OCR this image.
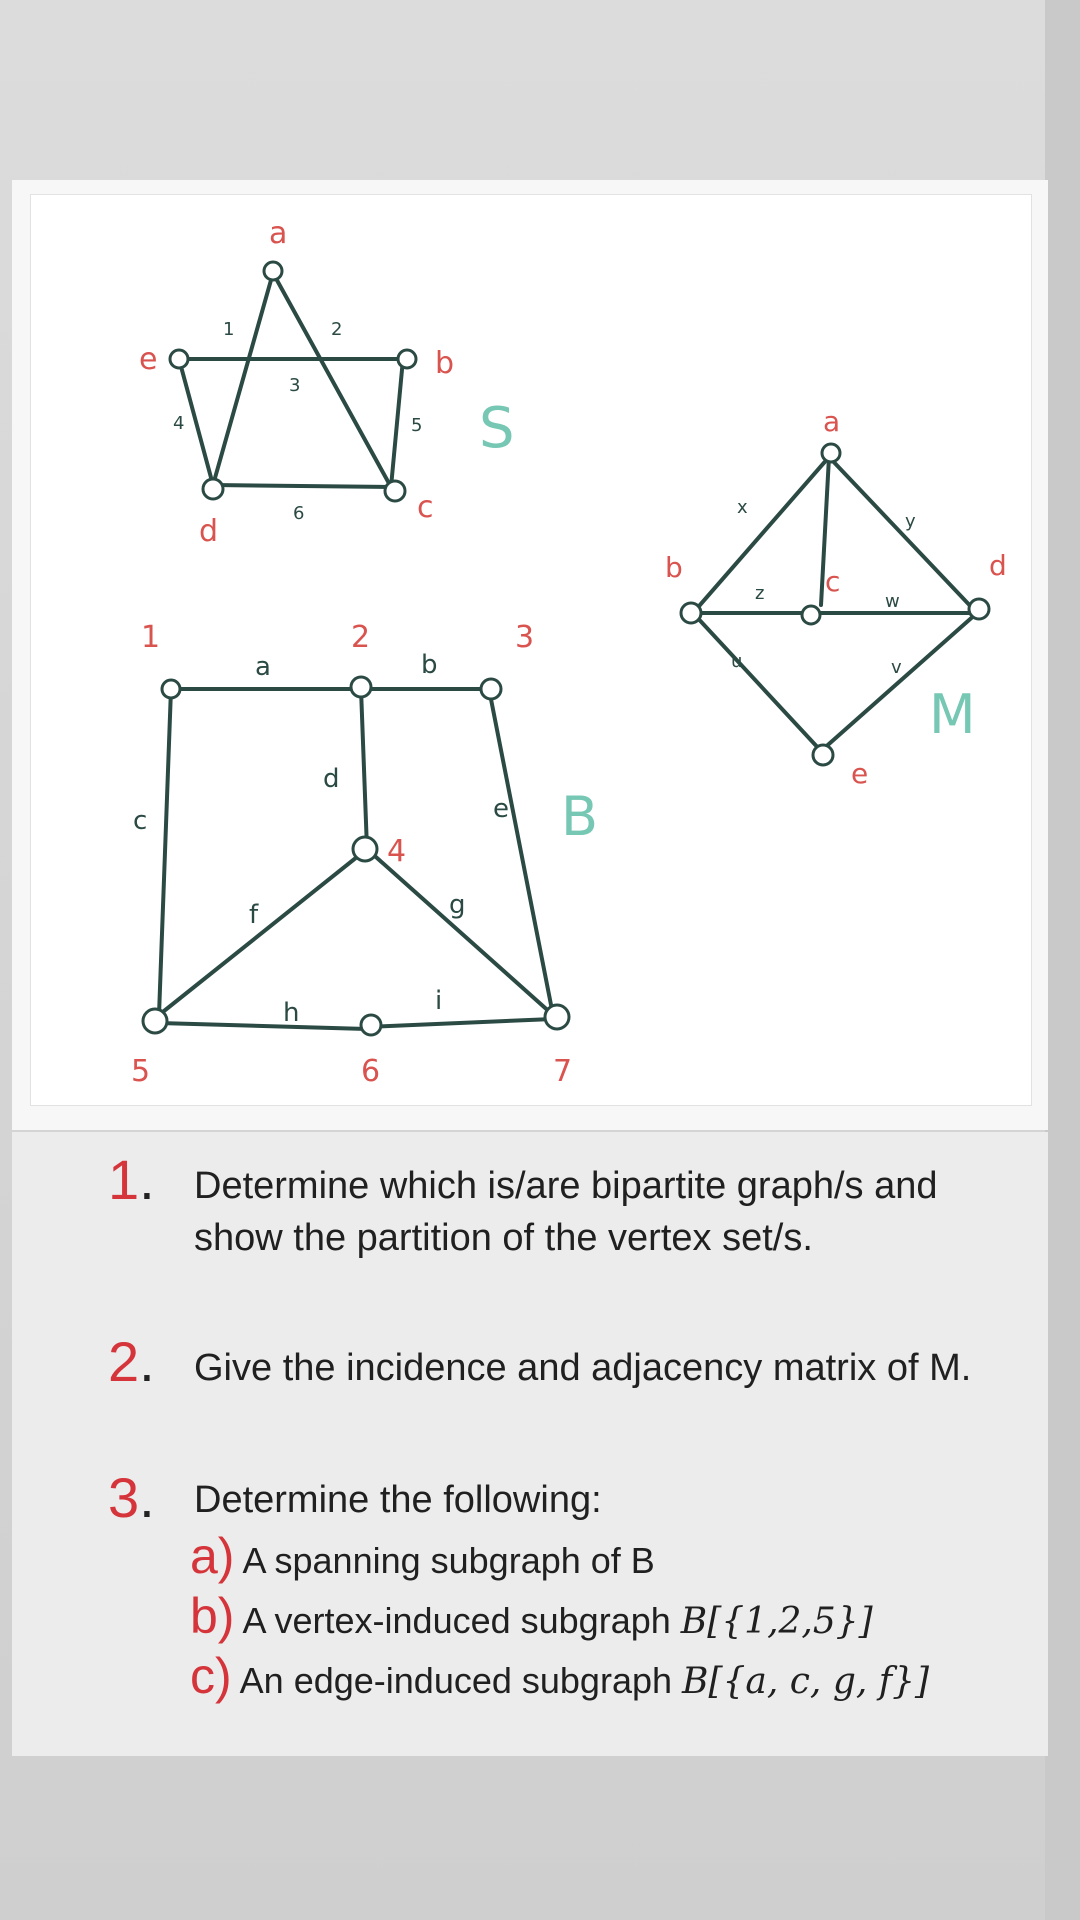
a
b
c
d
e
1	2
3
4	5
6
S	a
b	c	d
e
x
y
z
u	v
w
M
1	2	3
4
5	6	7
a	b
c
d
e
f	g
h	i
B
1. Determine which is/are bipartite graph/s and show the partition of the vertex set/s.
2. Give the incidence and adjacency matrix of M.
3. Determine the following:
a) A spanning subgraph of B
b) A vertex-induced subgraph B[{1,2,5}]
c) An edge-induced subgraph B[{a, c, g, f}]
